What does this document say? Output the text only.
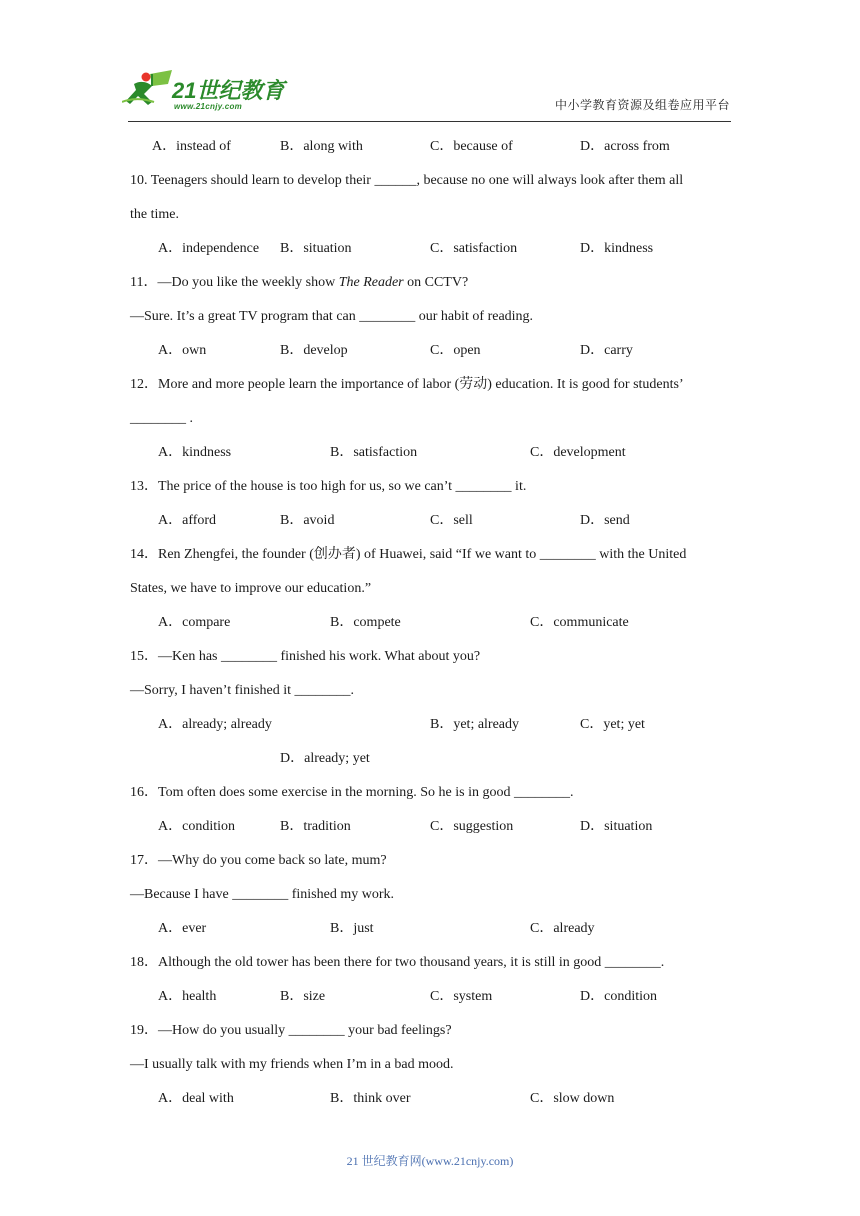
21世纪教育
www.21cnjy.com	中小学教育资源及组卷应用平台
A．instead of	B．along with	C．because of	D．across from
10. Teenagers should learn to develop their ______, because no one will always look after them all
the time.
A．independence B．situation	C．satisfaction	D．kindness
11．—Do you like the weekly show The Reader on CCTV?
—Sure. It’s a great TV program that can ________ our habit of reading.
A．own	B．develop	C．open	D．carry
12．More and more people learn the importance of labor (劳动) education. It is good for students’
________ .
A．kindness	B．satisfaction	C．development
13．The price of the house is too high for us, so we can’t ________ it.
A．afford	B．avoid	C．sell	D．send
14．Ren Zhengfei, the founder (创办者) of Huawei, said “If we want to ________ with the United
States, we have to improve our education.”
A．compare	B．compete	C．communicate
15．—Ken has ________ finished his work. What about you?
—Sorry, I haven’t finished it ________.
A．already; already	B．yet; already	C．yet; yet
D．already; yet
16．Tom often does some exercise in the morning. So he is in good ________.
A．condition	B．tradition	C．suggestion	D．situation
17．—Why do you come back so late, mum?
—Because I have ________ finished my work.
A．ever	B．just	C．already
18．Although the old tower has been there for two thousand years, it is still in good ________.
A．health	B．size	C．system	D．condition
19．—How do you usually ________ your bad feelings?
—I usually talk with my friends when I’m in a bad mood.
A．deal with	B．think over	C．slow down
21 世纪教育网(www.21cnjy.com)
